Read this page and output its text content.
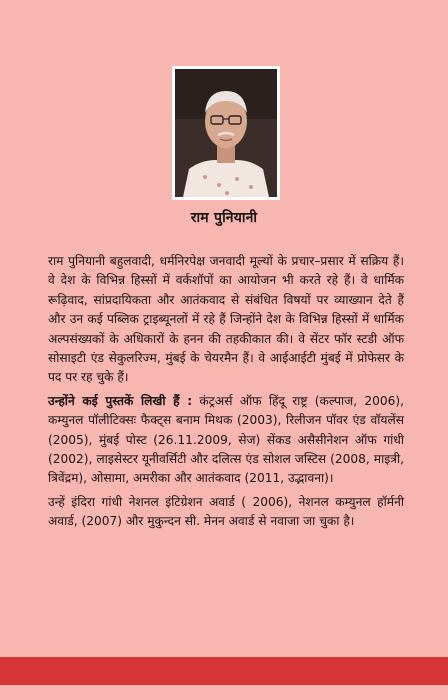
राम पुनियानी

राम पुनियानी बहुलवादी, धर्मनिरपेक्ष जनवादी मूल्यों के प्रचार–प्रसार में सक्रिय हैं। वे देश के विभिन्न हिस्सों में वर्कशॉपों का आयोजन भी करते रहे हैं। वे धार्मिक रूढ़िवाद, सांप्रदायिकता और आतंकवाद से संबंधित विषयों पर व्याख्यान देते हैं और उन कई पब्लिक ट्राइब्यूनलों में रहे हैं जिन्होंने देश के विभिन्न हिस्सों में धार्मिक अल्पसंख्यकों के अधिकारों के हनन की तहकीकात की। वे सेंटर फॉर स्टडी ऑफ सोसाइटी एंड सेकुलरिज्म, मुंबई के चेयरमैन हैं। वे आईआईटी मुंबई में प्रोफेसर के पद पर रह चुके हैं।

उन्होंने कई पुस्तकें लिखी हैं : कंट्रअर्स ऑफ हिंदू राष्ट्र (कल्पाज, 2006), कम्युनल पॉलीटिक्सः फैक्ट्स बनाम मिथक (2003), रिलीजन पॉवर एंड वॉयलेंस (2005), मुंबई पोस्ट (26.11.2009, सेज) सेंकड असैसीनेशन ऑफ गांधी (2002), लाइसेस्टर यूनीवर्सिटी और दलित्स एंड सोशल जस्टिस (2008, माइत्री, त्रिवेंद्रम), ओसामा, अमरीका और आतंकवाद (2011, उद्भावना)।

उन्हें इंदिरा गांधी नेशनल इंटिग्रेशन अवार्ड ( 2006), नेशनल कम्युनल हॉर्मनी अवार्ड, (2007) और मुकुन्दन सी. मेनन अवार्ड से नवाजा जा चुका है।
